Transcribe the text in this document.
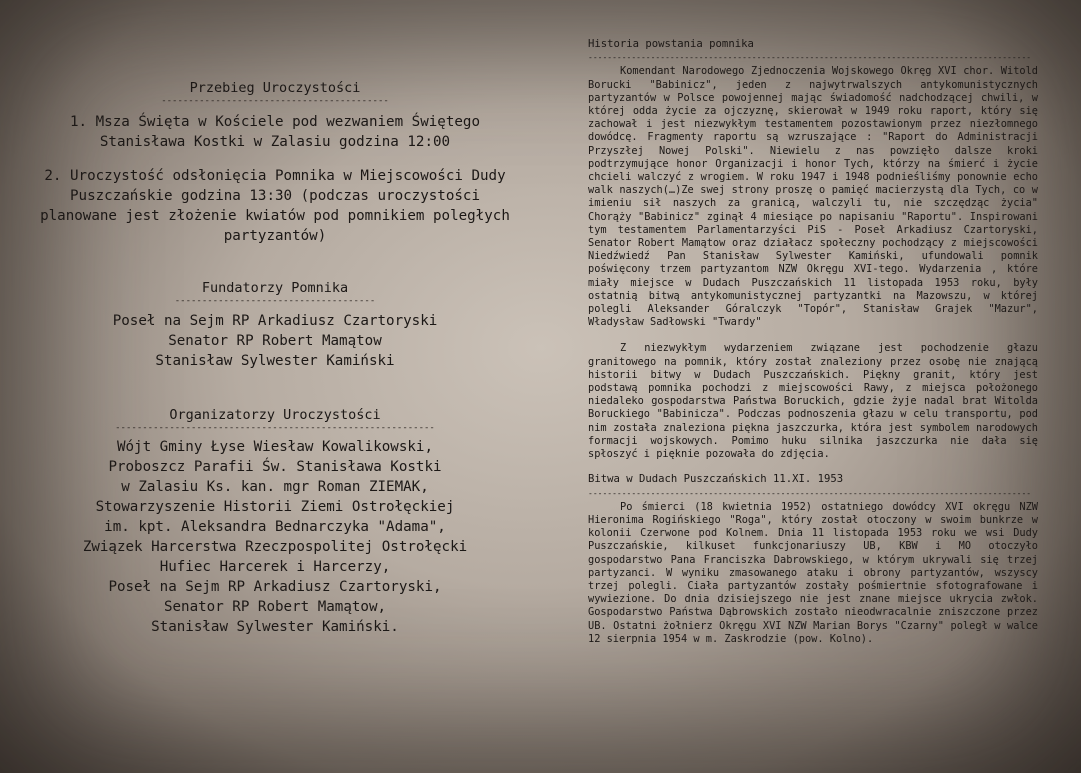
Przebieg Uroczystości

------------------------------------------

1. Msza Święta w Kościele pod wezwaniem Świętego Stanisława Kostki w Zalasiu godzina 12:00

2. Uroczystość odsłonięcia Pomnika w Miejscowości Dudy Puszczańskie godzina 13:30 (podczas uroczystości planowane jest złożenie kwiatów pod pomnikiem poległych partyzantów)

Fundatorzy Pomnika

-------------------------------------

Poseł na Sejm RP Arkadiusz Czartoryski

Senator RP Robert Mamątow

Stanisław Sylwester Kamiński

Organizatorzy Uroczystości

-----------------------------------------------------------

Wójt Gminy Łyse Wiesław Kowalikowski,

Proboszcz Parafii Św. Stanisława Kostki

w Zalasiu Ks. kan. mgr Roman ZIEMAK,

Stowarzyszenie Historii Ziemi Ostrołęckiej

im. kpt. Aleksandra Bednarczyka "Adama",

Związek Harcerstwa Rzeczpospolitej Ostrołęcki

Hufiec Harcerek i Harcerzy,

Poseł na Sejm RP Arkadiusz Czartoryski,

Senator RP Robert Mamątow,

Stanisław Sylwester Kamiński.

Historia powstania pomnika

--------------------------------------------------------------------------------------------

Komendant Narodowego Zjednoczenia Wojskowego Okręg XVI chor. Witold Borucki "Babinicz", jeden z najwytrwalszych antykomunistycznych partyzantów w Polsce powojennej mając świadomość nadchodzącej chwili, w której odda życie za ojczyznę, skierował w 1949 roku raport, który się zachował i jest niezwykłym testamentem pozostawionym przez niezłomnego dowódcę. Fragmenty raportu są wzruszające : "Raport do Administracji Przyszłej Nowej Polski". Niewielu z nas powzięło dalsze kroki podtrzymujące honor Organizacji i honor Tych, którzy na śmierć i życie chcieli walczyć z wrogiem. W roku 1947 i 1948 podnieśliśmy ponownie echo walk naszych(…)Ze swej strony proszę o pamięć macierzystą dla Tych, co w imieniu sił naszych za granicą, walczyli tu, nie szczędząc życia" Chorąży "Babinicz" zginął 4 miesiące po napisaniu "Raportu". Inspirowani tym testamentem Parlamentarzyści PiS - Poseł Arkadiusz Czartoryski, Senator Robert Mamątow oraz działacz społeczny pochodzący z miejscowości Niedźwiedź Pan Stanisław Sylwester Kamiński, ufundowali pomnik poświęcony trzem partyzantom NZW Okręgu XVI-tego. Wydarzenia , które miały miejsce w Dudach Puszczańskich 11 listopada 1953 roku, były ostatnią bitwą antykomunistycznej partyzantki na Mazowszu, w której polegli Aleksander Góralczyk "Topór", Stanisław Grajek "Mazur", Władysław Sadłowski "Twardy"

Z niezwykłym wydarzeniem związane jest pochodzenie głazu granitowego na pomnik, który został znaleziony przez osobę nie znającą historii bitwy w Dudach Puszczańskich. Piękny granit, który jest podstawą pomnika pochodzi z miejscowości Rawy, z miejsca położonego niedaleko gospodarstwa Państwa Boruckich, gdzie żyje nadal brat Witolda Boruckiego "Babinicza". Podczas podnoszenia głazu w celu transportu, pod nim została znaleziona piękna jaszczurka, która jest symbolem narodowych formacji wojskowych. Pomimo huku silnika jaszczurka nie dała się spłoszyć i pięknie pozowała do zdjęcia.

Bitwa w Dudach Puszczańskich 11.XI. 1953

--------------------------------------------------------------------------------------------

Po śmierci (18 kwietnia 1952) ostatniego dowódcy XVI okręgu NZW Hieronima Rogińskiego "Roga", który został otoczony w swoim bunkrze w kolonii Czerwone pod Kolnem. Dnia 11 listopada 1953 roku we wsi Dudy Puszczańskie, kilkuset funkcjonariuszy UB, KBW i MO otoczyło gospodarstwo Pana Franciszka Dabrowskiego, w którym ukrywali się trzej partyzanci. W wyniku zmasowanego ataku i obrony partyzantów, wszyscy trzej polegli. Ciała partyzantów zostały pośmiertnie sfotografowane i wywiezione. Do dnia dzisiejszego nie jest znane miejsce ukrycia zwłok. Gospodarstwo Państwa Dąbrowskich zostało nieodwracalnie zniszczone przez UB. Ostatni żołnierz Okręgu XVI NZW Marian Borys "Czarny" poległ w walce 12 sierpnia 1954 w m. Zaskrodzie (pow. Kolno).
